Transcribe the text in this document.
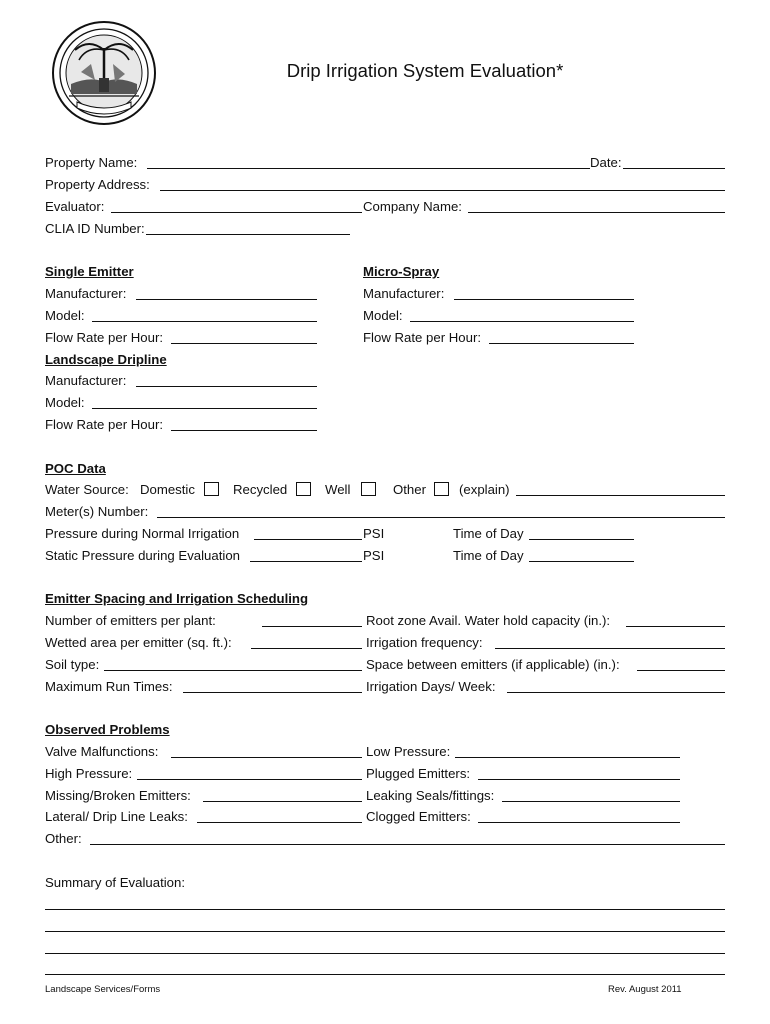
Drip Irrigation System Evaluation*
Property Name:	Date:
Property Address:
Evaluator:	Company Name:
CLIA ID Number:
Single Emitter	Micro-Spray
Manufacturer:	Manufacturer:
Model:	Model:
Flow Rate per Hour:	Flow Rate per Hour:
Landscape Dripline
Manufacturer:
Model:
Flow Rate per Hour:
POC Data
Water Source: Domestic	Recycled	Well	Other	(explain)
Meter(s) Number:
Pressure during Normal Irrigation	PSI	Time of Day
Static Pressure during Evaluation	PSI	Time of Day
Emitter Spacing and Irrigation Scheduling
Number of emitters per plant:	Root zone Avail. Water hold capacity (in.):
Wetted area per emitter (sq. ft.):	Irrigation frequency:
Soil type:	Space between emitters (if applicable) (in.):
Maximum Run Times:	Irrigation Days/ Week:
Observed Problems
Valve Malfunctions:	Low Pressure:
High Pressure:	Plugged Emitters:
Missing/Broken Emitters:	Leaking Seals/fittings:
Lateral/ Drip Line Leaks:	Clogged Emitters:
Other:
Summary of Evaluation:
Landscape Services/Forms	Rev. August 2011
